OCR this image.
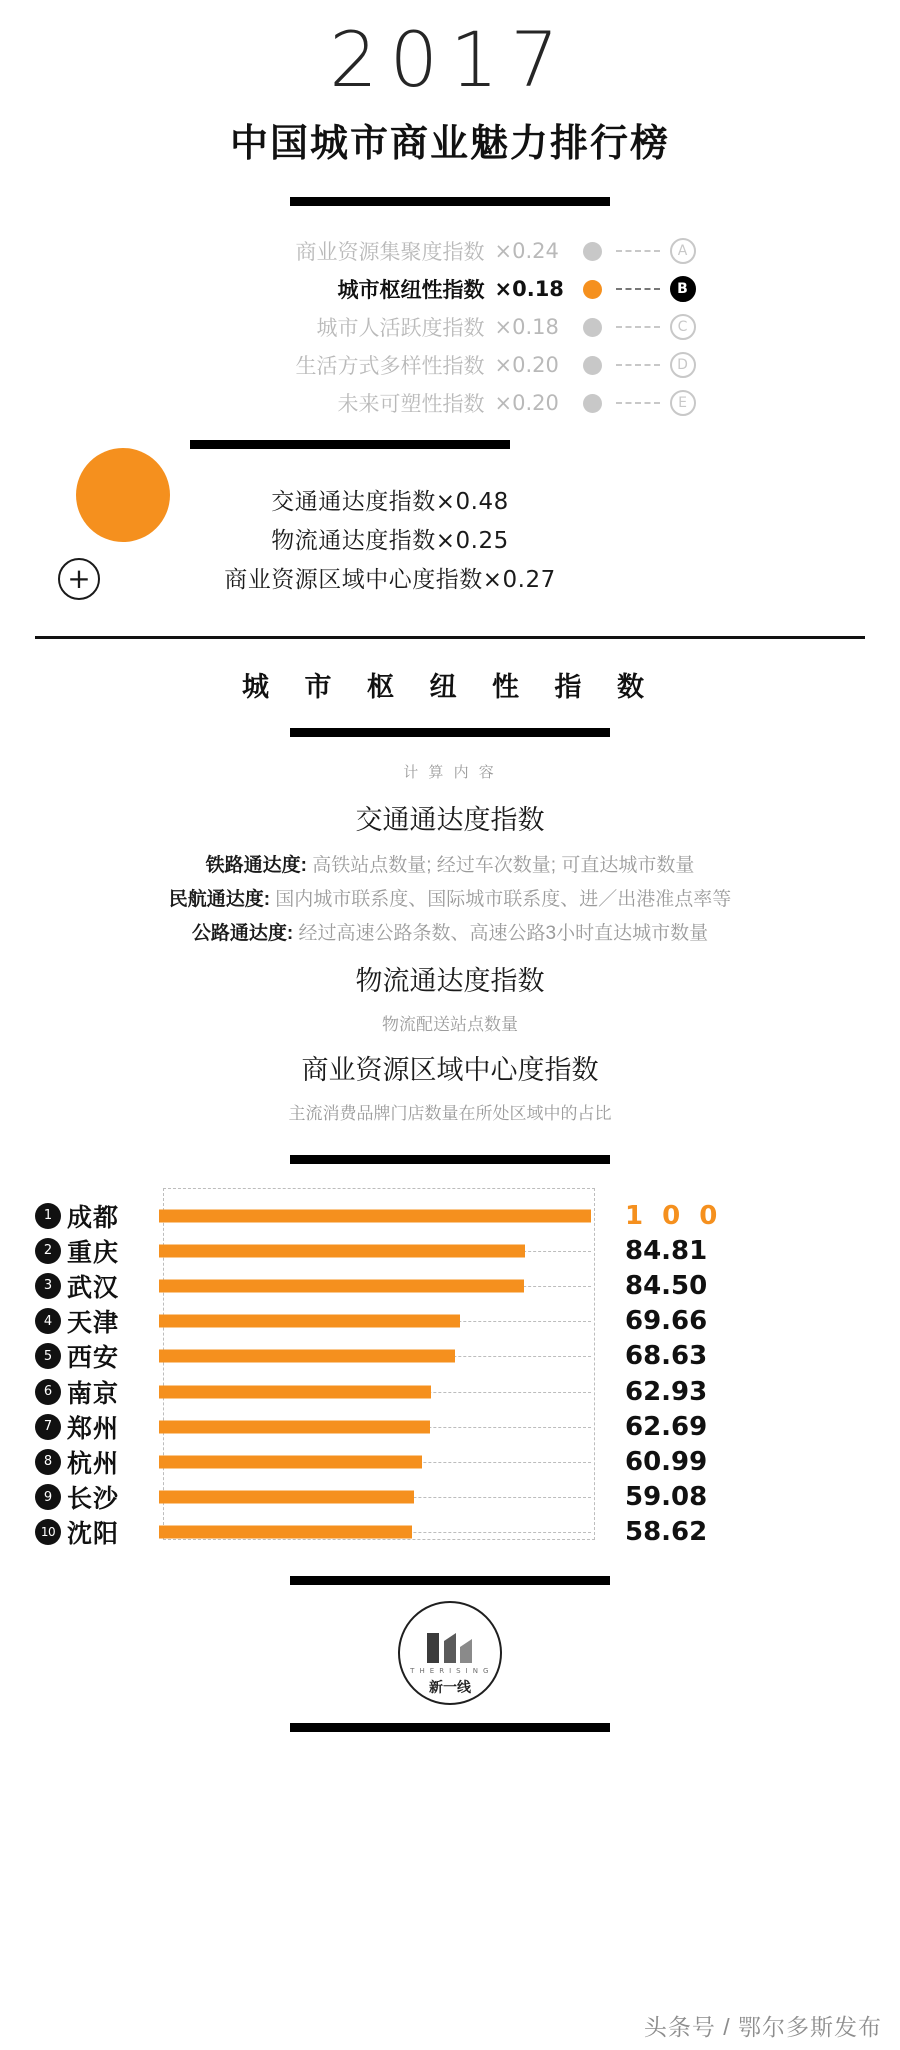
2017
中国城市商业魅力排行榜
商业资源集聚度指数 ×0.24	A
城市枢纽性指数 ×0.18	B
城市人活跃度指数 ×0.18	C
生活方式多样性指数 ×0.20	D
未来可塑性指数 ×0.20	E
+
交通通达度指数×0.48
物流通达度指数×0.25
商业资源区域中心度指数×0.27
城 市 枢 纽 性 指 数
计 算 内 容
交通通达度指数
铁路通达度: 高铁站点数量; 经过车次数量; 可直达城市数量
民航通达度: 国内城市联系度、国际城市联系度、进／出港准点率等
公路通达度: 经过高速公路条数、高速公路3小时直达城市数量
物流通达度指数
物流配送站点数量
商业资源区域中心度指数
主流消费品牌门店数量在所处区域中的占比
1 成都	1 0 0
2 重庆	84.81
3 武汉	84.50
4 天津	69.66
5 西安	68.63
6 南京	62.93
7 郑州	62.69
8 杭州	60.99
9 长沙	59.08
10 沈阳	58.62
T H E R I S I N G
新一线
头条号 / 鄂尔多斯发布
